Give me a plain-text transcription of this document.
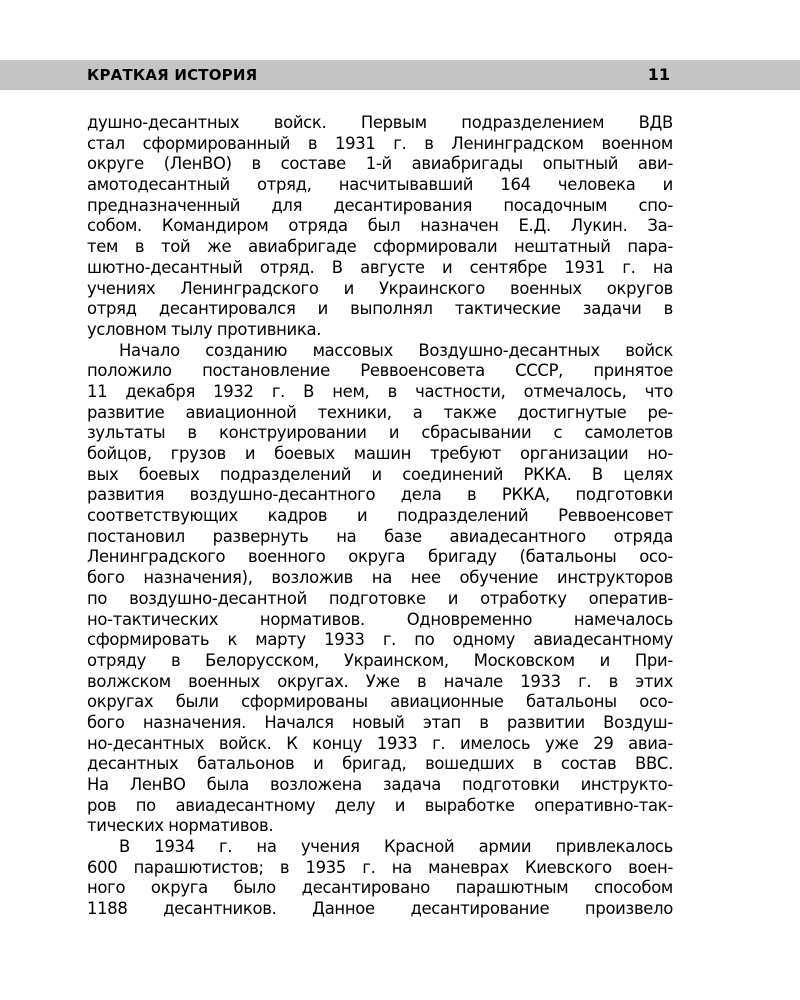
КРАТКАЯ ИСТОРИЯ	11
душно-десантных войск. Первым подразделением ВДВ
стал сформированный в 1931 г. в Ленинградском военном
округе (ЛенВО) в составе 1-й авиабригады опытный ави-
амотодесантный отряд, насчитывавший 164 человека и
предназначенный для десантирования посадочным спо-
собом. Командиром отряда был назначен Е.Д. Лукин. За-
тем в той же авиабригаде сформировали нештатный пара-
шютно-десантный отряд. В августе и сентябре 1931 г. на
учениях Ленинградского и Украинского военных округов
отряд десантировался и выполнял тактические задачи в
условном тылу противника.
Начало созданию массовых Воздушно-десантных войск
положило постановление Реввоенсовета СССР, принятое
11 декабря 1932 г. В нем, в частности, отмечалось, что
развитие авиационной техники, а также достигнутые ре-
зультаты в конструировании и сбрасывании с самолетов
бойцов, грузов и боевых машин требуют организации но-
вых боевых подразделений и соединений РККА. В целях
развития воздушно-десантного дела в РККА, подготовки
соответствующих кадров и подразделений Реввоенсовет
постановил развернуть на базе авиадесантного отряда
Ленинградского военного округа бригаду (батальоны осо-
бого назначения), возложив на нее обучение инструкторов
по воздушно-десантной подготовке и отработку оператив-
но-тактических нормативов. Одновременно намечалось
сформировать к марту 1933 г. по одному авиадесантному
отряду в Белорусском, Украинском, Московском и При-
волжском военных округах. Уже в начале 1933 г. в этих
округах были сформированы авиационные батальоны осо-
бого назначения. Начался новый этап в развитии Воздуш-
но-десантных войск. К концу 1933 г. имелось уже 29 авиа-
десантных батальонов и бригад, вошедших в состав ВВС.
На ЛенВО была возложена задача подготовки инструкто-
ров по авиадесантному делу и выработке оперативно-так-
тических нормативов.
В 1934 г. на учения Красной армии привлекалось
600 парашютистов; в 1935 г. на маневрах Киевского воен-
ного округа было десантировано парашютным способом
1188 десантников. Данное десантирование произвело
